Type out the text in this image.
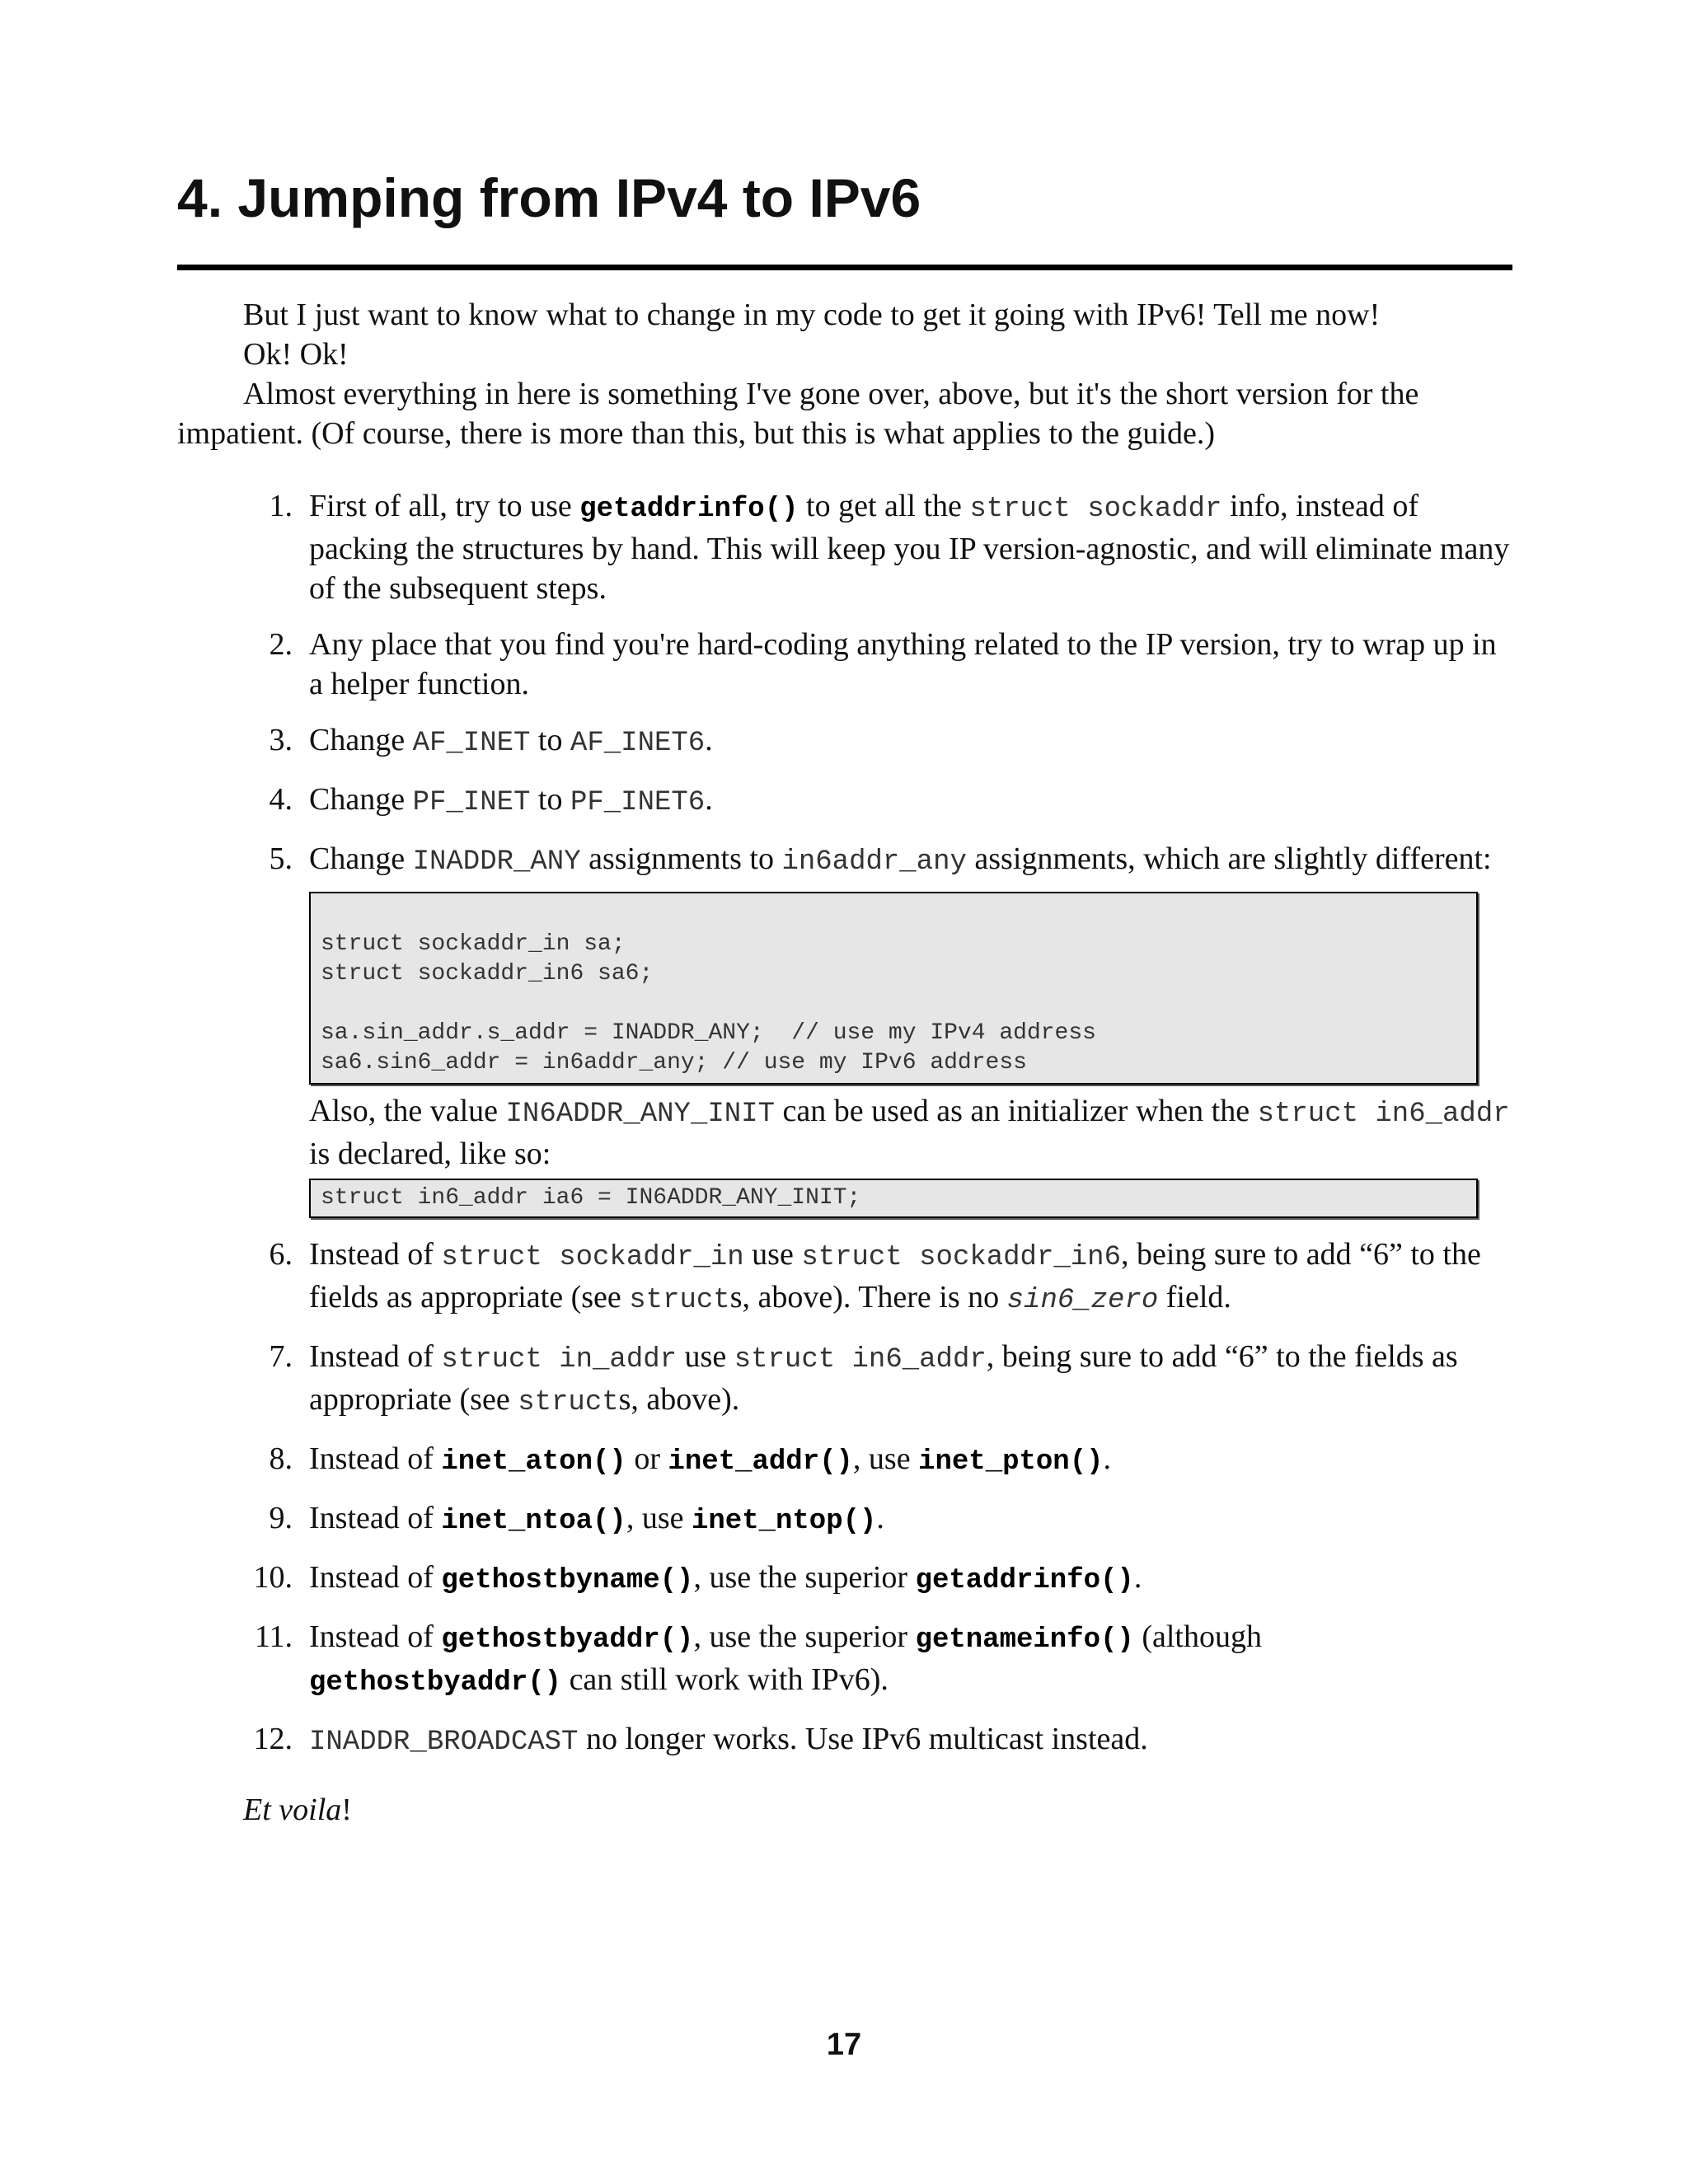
4. Jumping from IPv4 to IPv6

But I just want to know what to change in my code to get it going with IPv6! Tell me now!

Ok! Ok!

Almost everything in here is something I've gone over, above, but it's the short version for the impatient. (Of course, there is more than this, but this is what applies to the guide.)

1. First of all, try to use getaddrinfo() to get all the struct sockaddr info, instead of packing the structures by hand. This will keep you IP version-agnostic, and will eliminate many of the subsequent steps.
2. Any place that you find you're hard-coding anything related to the IP version, try to wrap up in a helper function.
3. Change AF_INET to AF_INET6.
4. Change PF_INET to PF_INET6.
5. Change INADDR_ANY assignments to in6addr_any assignments, which are slightly different:
struct sockaddr_in sa;
struct sockaddr_in6 sa6;

sa.sin_addr.s_addr = INADDR_ANY;  // use my IPv4 address
sa6.sin6_addr = in6addr_any; // use my IPv6 address

Also, the value IN6ADDR_ANY_INIT can be used as an initializer when the struct in6_addr is declared, like so:

struct in6_addr ia6 = IN6ADDR_ANY_INIT;
6. Instead of struct sockaddr_in use struct sockaddr_in6, being sure to add “6” to the fields as appropriate (see structs, above). There is no sin6_zero field.
7. Instead of struct in_addr use struct in6_addr, being sure to add “6” to the fields as appropriate (see structs, above).
8. Instead of inet_aton() or inet_addr(), use inet_pton().
9. Instead of inet_ntoa(), use inet_ntop().
10. Instead of gethostbyname(), use the superior getaddrinfo().
11. Instead of gethostbyaddr(), use the superior getnameinfo() (although gethostbyaddr() can still work with IPv6).
12. INADDR_BROADCAST no longer works. Use IPv6 multicast instead.
Et voila!
17
